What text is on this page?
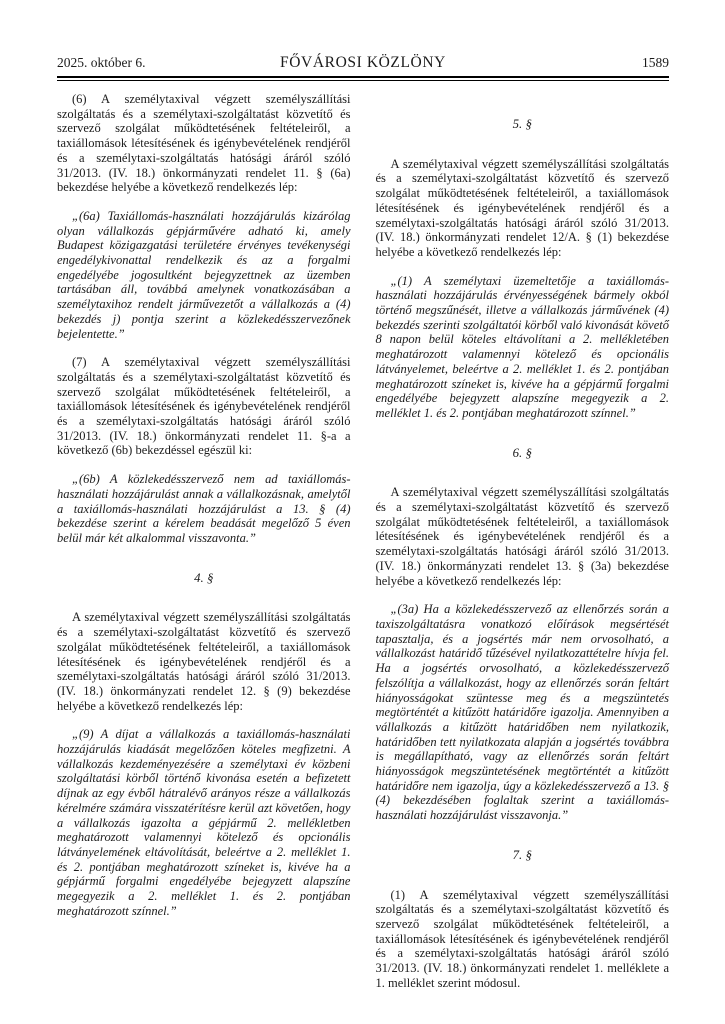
2025. október 6.	FŐVÁROSI KÖZLÖNY	1589

(6) A személytaxival végzett személyszállítási szolgáltatás és a személytaxi-szolgáltatást közvetítő és szervező szolgálat működtetésének feltételeiről, a taxiállomások létesítésének és igénybevételének rendjéről és a személytaxi-szolgáltatás hatósági áráról szóló 31/2013. (IV. 18.) önkormányzati rendelet 11. § (6a) bekezdése helyébe a következő rendelkezés lép:

„(6a) Taxiállomás-használati hozzájárulás kizárólag olyan vállalkozás gépjárművére adható ki, amely Budapest közigazgatási területére érvényes tevékenységi engedélykivonattal rendelkezik és az a forgalmi engedélyébe jogosultként bejegyzettnek az üzemben tartásában áll, továbbá amelynek vonatkozásában a személytaxihoz rendelt járművezetőt a vállalkozás a (4) bekezdés j) pontja szerint a közlekedésszervezőnek bejelentette.”

(7) A személytaxival végzett személyszállítási szolgáltatás és a személytaxi-szolgáltatást közvetítő és szervező szolgálat működtetésének feltételeiről, a taxiállomások létesítésének és igénybevételének rendjéről és a személytaxi-szolgáltatás hatósági áráról szóló 31/2013. (IV. 18.) önkormányzati rendelet 11. §-a a következő (6b) bekezdéssel egészül ki:

„(6b) A közlekedésszervező nem ad taxiállomás-használati hozzájárulást annak a vállalkozásnak, amelytől a taxiállomás-használati hozzájárulást a 13. § (4) bekezdése szerint a kérelem beadását megelőző 5 éven belül már két alkalommal visszavonta.”

4. §

A személytaxival végzett személyszállítási szolgáltatás és a személytaxi-szolgáltatást közvetítő és szervező szolgálat működtetésének feltételeiről, a taxiállomások létesítésének és igénybevételének rendjéről és a személytaxi-szolgáltatás hatósági áráról szóló 31/2013. (IV. 18.) önkormányzati rendelet 12. § (9) bekezdése helyébe a következő rendelkezés lép:

„(9) A díjat a vállalkozás a taxiállomás-használati hozzájárulás kiadását megelőzően köteles megfizetni. A vállalkozás kezdeményezésére a személytaxi év közbeni szolgáltatási körből történő kivonása esetén a befizetett díjnak az egy évből hátralévő arányos része a vállalkozás kérelmére számára visszatérítésre kerül azt követően, hogy a vállalkozás igazolta a gépjármű 2. mellékletben meghatározott valamennyi kötelező és opcionális látványelemének eltávolítását, beleértve a 2. melléklet 1. és 2. pontjában meghatározott színeket is, kivéve ha a gépjármű forgalmi engedélyébe bejegyzett alapszíne megegyezik a 2. melléklet 1. és 2. pontjában meghatározott színnel.”

5. §

A személytaxival végzett személyszállítási szolgáltatás és a személytaxi-szolgáltatást közvetítő és szervező szolgálat működtetésének feltételeiről, a taxiállomások létesítésének és igénybevételének rendjéről és a személytaxi-szolgáltatás hatósági áráról szóló 31/2013. (IV. 18.) önkormányzati rendelet 12/A. § (1) bekezdése helyébe a következő rendelkezés lép:

„(1) A személytaxi üzemeltetője a taxiállomás-használati hozzájárulás érvényességének bármely okból történő megszűnését, illetve a vállalkozás járművének (4) bekezdés szerinti szolgáltatói körből való kivonását követő 8 napon belül köteles eltávolítani a 2. mellékletében meghatározott valamennyi kötelező és opcionális látványelemet, beleértve a 2. melléklet 1. és 2. pontjában meghatározott színeket is, kivéve ha a gépjármű forgalmi engedélyébe bejegyzett alapszíne megegyezik a 2. melléklet 1. és 2. pontjában meghatározott színnel.”

6. §

A személytaxival végzett személyszállítási szolgáltatás és a személytaxi-szolgáltatást közvetítő és szervező szolgálat működtetésének feltételeiről, a taxiállomások létesítésének és igénybevételének rendjéről és a személytaxi-szolgáltatás hatósági áráról szóló 31/2013. (IV. 18.) önkormányzati rendelet 13. § (3a) bekezdése helyébe a következő rendelkezés lép:

„(3a) Ha a közlekedésszervező az ellenőrzés során a taxiszolgáltatásra vonatkozó előírások megsértését tapasztalja, és a jogsértés már nem orvosolható, a vállalkozást határidő tűzésével nyilatkozattételre hívja fel. Ha a jogsértés orvosolható, a közlekedésszervező felszólítja a vállalkozást, hogy az ellenőrzés során feltárt hiányosságokat szüntesse meg és a megszüntetés megtörténtét a kitűzött határidőre igazolja. Amennyiben a vállalkozás a kitűzött határidőben nem nyilatkozik, határidőben tett nyilatkozata alapján a jogsértés továbbra is megállapítható, vagy az ellenőrzés során feltárt hiányosságok megszüntetésének megtörténtét a kitűzött határidőre nem igazolja, úgy a közlekedésszervező a 13. § (4) bekezdésében foglaltak szerint a taxiállomás-használati hozzájárulást visszavonja.”

7. §

(1) A személytaxival végzett személyszállítási szolgáltatás és a személytaxi-szolgáltatást közvetítő és szervező szolgálat működtetésének feltételeiről, a taxiállomások létesítésének és igénybevételének rendjéről és a személytaxi-szolgáltatás hatósági áráról szóló 31/2013. (IV. 18.) önkormányzati rendelet 1. melléklete a 1. melléklet szerint módosul.
